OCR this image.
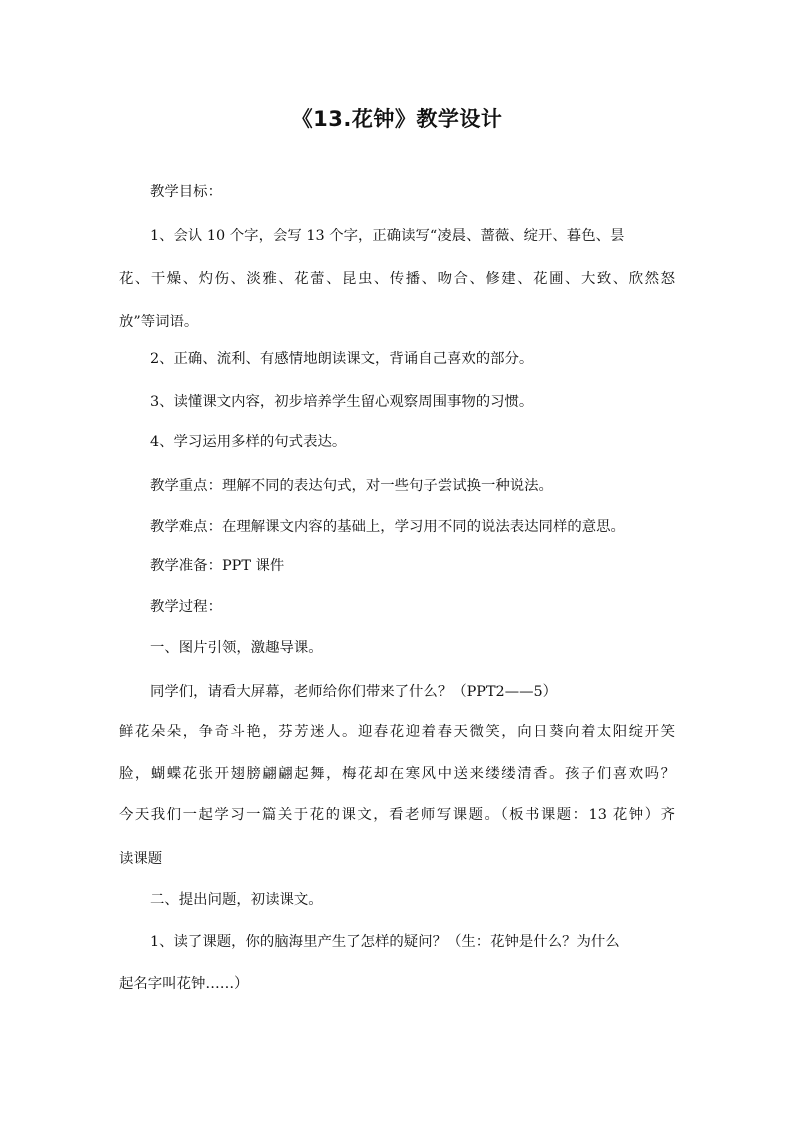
《13.花钟》教学设计

教学目标：

1、会认 10 个字，会写 13 个字，正确读写“凌晨、蔷薇、绽开、暮色、昙

花、干燥、灼伤、淡雅、花蕾、昆虫、传播、吻合、修建、花圃、大致、欣然怒

放”等词语。

2、正确、流利、有感情地朗读课文，背诵自己喜欢的部分。

3、读懂课文内容，初步培养学生留心观察周围事物的习惯。

4、学习运用多样的句式表达。

教学重点：理解不同的表达句式，对一些句子尝试换一种说法。

教学难点：在理解课文内容的基础上，学习用不同的说法表达同样的意思。

教学准备：PPT 课件

教学过程：

一、图片引领，激趣导课。

同学们，请看大屏幕，老师给你们带来了什么？（PPT2——5）

鲜花朵朵，争奇斗艳，芬芳迷人。迎春花迎着春天微笑，向日葵向着太阳绽开笑

脸，蝴蝶花张开翅膀翩翩起舞，梅花却在寒风中送来缕缕清香。孩子们喜欢吗？

今天我们一起学习一篇关于花的课文，看老师写课题。（板书课题：13 花钟）齐

读课题

二、提出问题，初读课文。

1、读了课题，你的脑海里产生了怎样的疑问？（生：花钟是什么？为什么

起名字叫花钟……）
